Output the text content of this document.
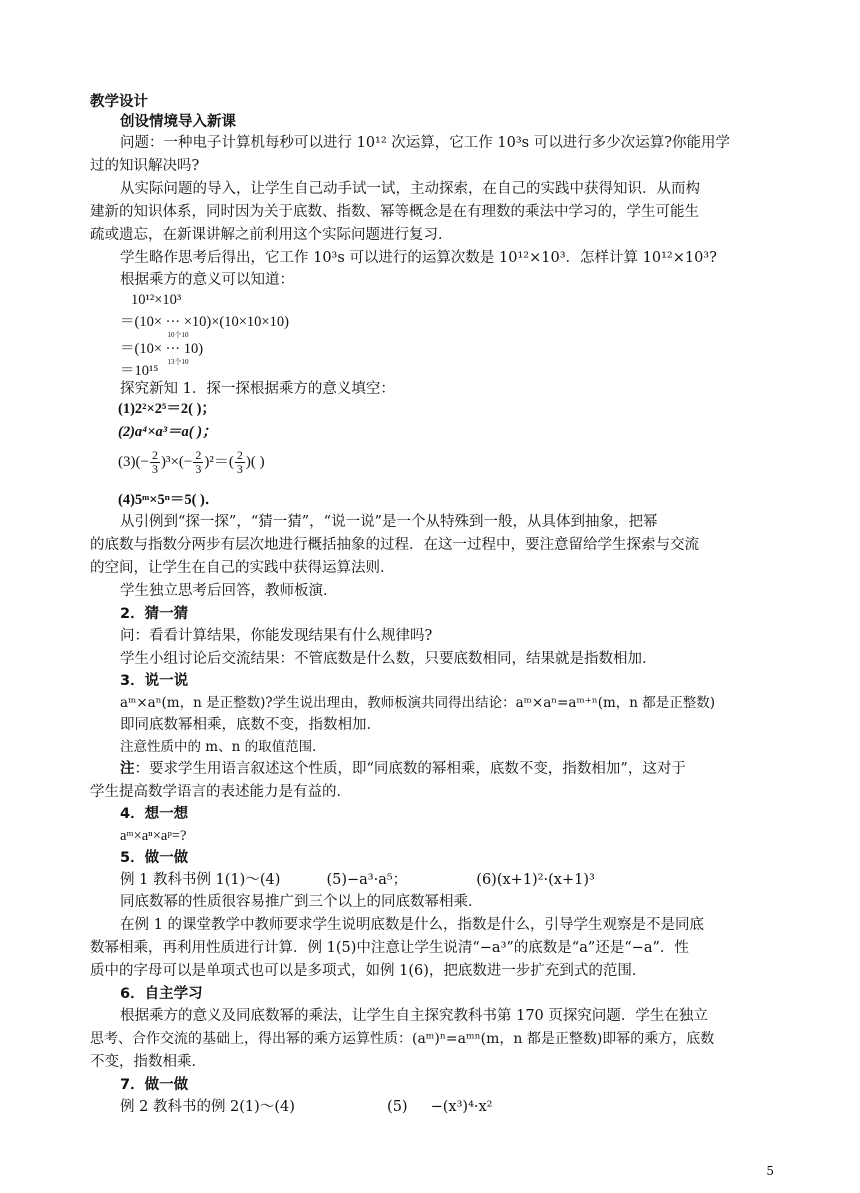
教学设计
创设情境导入新课
问题：一种电子计算机每秒可以进行 10¹² 次运算，它工作 10³s 可以进行多少次运算?你能用学
过的知识解决吗?
从实际问题的导入，让学生自己动手试一试，主动探索，在自己的实践中获得知识．从而构
建新的知识体系，同时因为关于底数、指数、幂等概念是在有理数的乘法中学习的，学生可能生
疏或遗忘，在新课讲解之前利用这个实际问题进行复习．
学生略作思考后得出，它工作 10³s 可以进行的运算次数是 10¹²×10³．怎样计算 10¹²×10³?
根据乘方的意义可以知道：
10¹²×10³
＝(10× ··· ×10)×(10×10×10)
10个10
＝(10× ··· 10)
13个10
＝10¹⁵
探究新知 1．探一探根据乘方的意义填空：
(1)2²×2⁵＝2( )；
(2)a⁴×a³＝a( )；
$(3)(- \frac{2}{3} )^3\times(- \frac{2}{3} )^2=( \frac{2}{3}$ )( )
(4)5ᵐ×5ⁿ＝5( )．
从引例到“探一探”，“猜一猜”，“说一说”是一个从特殊到一般，从具体到抽象，把幂
的底数与指数分两步有层次地进行概括抽象的过程．在这一过程中，要注意留给学生探索与交流
的空间，让学生在自己的实践中获得运算法则．
学生独立思考后回答，教师板演．
2．猜一猜
问：看看计算结果，你能发现结果有什么规律吗?
学生小组讨论后交流结果：不管底数是什么数，只要底数相同，结果就是指数相加．
3．说一说
aᵐ×aⁿ(m，n 是正整数)?学生说出理由，教师板演共同得出结论：aᵐ×aⁿ=aᵐ⁺ⁿ(m，n 都是正整数)
即同底数幂相乘，底数不变，指数相加．
注意性质中的 m、n 的取值范围．
注：要求学生用语言叙述这个性质，即“同底数的幂相乘，底数不变，指数相加”，这对于
学生提高数学语言的表述能力是有益的．
4．想一想
aᵐ×aⁿ×aᵖ=?
5．做一做
例 1 教科书例 1(1)～(4)          (5)−a³·a⁵；               (6)(x+1)²·(x+1)³
同底数幂的性质很容易推广到三个以上的同底数幂相乘．
在例 1 的课堂教学中教师要求学生说明底数是什么，指数是什么，引导学生观察是不是同底
数幂相乘，再利用性质进行计算．例 1(5)中注意让学生说清“−a³”的底数是“a”还是“−a”．性
质中的字母可以是单项式也可以是多项式，如例 1(6)，把底数进一步扩充到式的范围．
6．自主学习
根据乘方的意义及同底数幂的乘法，让学生自主探究教科书第 170 页探究问题．学生在独立
思考、合作交流的基础上，得出幂的乘方运算性质：(aᵐ)ⁿ=aᵐⁿ(m，n 都是正整数)即幂的乘方，底数
不变，指数相乘．
7．做一做
例 2 教科书的例 2(1)～(4)                    (5)     −(x³)⁴·x²
5
